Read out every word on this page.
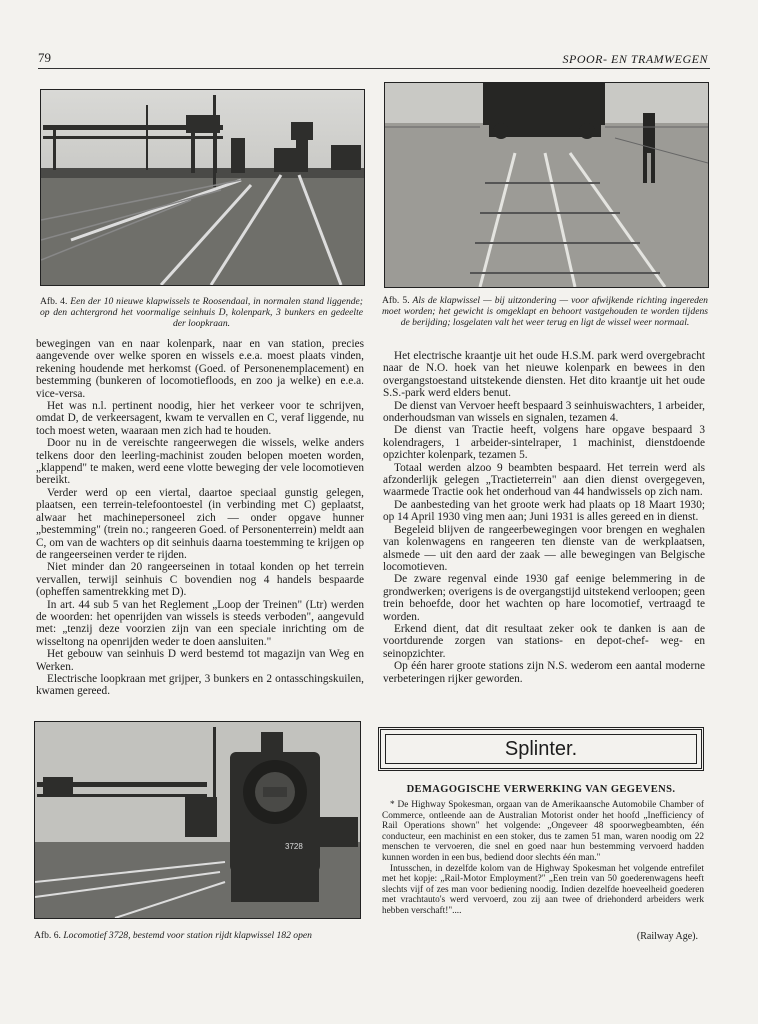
79	SPOOR- EN TRAMWEGEN
Afb. 4. Een der 10 nieuwe klapwissels te Roosendaal, in normalen stand liggende; op den achtergrond het voormalige seinhuis D, kolenpark, 3 bunkers en gedeelte der loopkraan.
Afb. 5. Als de klapwissel — bij uitzondering — voor afwijkende richting ingereden moet worden; het gewicht is omgeklapt en behoort vastgehouden te worden tijdens de berijding; losgelaten valt het weer terug en ligt de wissel weer normaal.

bewegingen van en naar kolenpark, naar en van station, precies aangevende over welke sporen en wissels e.e.a. moest plaats vinden, rekening houdende met herkomst (Goed. of Personenemplacement) en bestemming (bunkeren of locomotiefloods, en zoo ja welke) en e.e.a. vice-versa.

Het was n.l. pertinent noodig, hier het verkeer voor te schrijven, omdat D, de verkeersagent, kwam te vervallen en C, veraf liggende, nu toch moest weten, waaraan men zich had te houden.

Door nu in de vereischte rangeerwegen die wissels, welke anders telkens door den leerling-machinist zouden belopen moeten worden, „klappend" te maken, werd eene vlotte beweging der vele locomotieven bereikt.

Verder werd op een viertal, daartoe speciaal gunstig gelegen, plaatsen, een terrein-telefoontoestel (in verbinding met C) geplaatst, alwaar het machinepersoneel zich — onder opgave hunner „bestemming" (trein no.; rangeeren Goed. of Personenterrein) meldt aan C, om van de wachters op dit seinhuis daarna toestemming te krijgen op de rangeerseinen verder te rijden.

Niet minder dan 20 rangeerseinen in totaal konden op het terrein vervallen, terwijl seinhuis C bovendien nog 4 handels bespaarde (opheffen samentrekking met D).

In art. 44 sub 5 van het Reglement „Loop der Treinen" (Ltr) werden de woorden: het openrijden van wissels is steeds verboden", aangevuld met: „tenzij deze voorzien zijn van een speciale inrichting om de wisseltong na openrijden weder te doen aansluiten."

Het gebouw van seinhuis D werd bestemd tot magazijn van Weg en Werken.

Electrische loopkraan met grijper, 3 bunkers en 2 ontasschingskuilen, kwamen gereed.

Het electrische kraantje uit het oude H.S.M. park werd overgebracht naar de N.O. hoek van het nieuwe kolenpark en bewees in den overgangstoestand uitstekende diensten. Het dito kraantje uit het oude S.S.-park werd elders benut.

De dienst van Vervoer heeft bespaard 3 seinhuiswachters, 1 arbeider, onderhoudsman van wissels en signalen, tezamen 4.

De dienst van Tractie heeft, volgens hare opgave bespaard 3 kolendragers, 1 arbeider-sintelraper, 1 machinist, dienstdoende opzichter kolenpark, tezamen 5.

Totaal werden alzoo 9 beambten bespaard. Het terrein werd als afzonderlijk gelegen „Tractieterrein" aan dien dienst overgegeven, waarmede Tractie ook het onderhoud van 44 handwissels op zich nam.

De aanbesteding van het groote werk had plaats op 18 Maart 1930; op 14 April 1930 ving men aan; Juni 1931 is alles gereed en in dienst.

Begeleid blijven de rangeerbewegingen voor brengen en weghalen van kolenwagens en rangeeren ten dienste van de werkplaatsen, alsmede — uit den aard der zaak — alle bewegingen van Belgische locomotieven.

De zware regenval einde 1930 gaf eenige belemmering in de grondwerken; overigens is de overgangstijd uitstekend verloopen; geen trein behoefde, door het wachten op hare locomotief, vertraagd te worden.

Erkend dient, dat dit resultaat zeker ook te danken is aan de voortdurende zorgen van stations- en depot-chef- weg- en seinopzichter.

Op één harer groote stations zijn N.S. wederom een aantal moderne verbeteringen rijker geworden.

3728
Afb. 6. Locomotief 3728, bestemd voor station rijdt klapwissel 182 open
Splinter.
DEMAGOGISCHE VERWERKING VAN GEGEVENS.

* De Highway Spokesman, orgaan van de Amerikaansche Automobile Chamber of Commerce, ontleende aan de Australian Motorist onder het hoofd „Inefficiency of Rail Operations shown" het volgende: „Ongeveer 48 spoorwegbeambten, één conducteur, een machinist en een stoker, dus te zamen 51 man, waren noodig om 22 menschen te vervoeren, die snel en goed naar hun bestemming vervoerd hadden kunnen worden in een bus, bediend door slechts één man."

Intusschen, in dezelfde kolom van de Highway Spokesman het volgende entrefilet met het kopje: „Rail-Motor Employment?" „Een trein van 50 goederenwagens heeft slechts vijf of zes man voor bediening noodig. Indien dezelfde hoeveelheid goederen met vrachtauto's werd vervoerd, zou zij aan twee of driehonderd arbeiders werk hebben verschaft!"....

(Railway Age).
